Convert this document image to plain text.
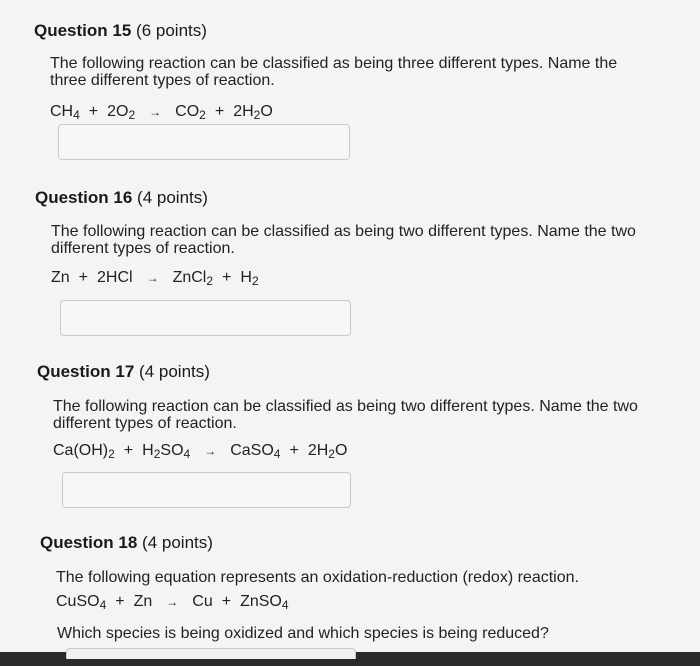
Question 15 (6 points)
The following reaction can be classified as being three different types. Name the
three different types of reaction.
$CH_4 + 2O_2 \to CO_2 + 2H_2O$
Question 16 (4 points)
The following reaction can be classified as being two different types. Name the two
different types of reaction.
Zn + 2HCl → ZnCl$_2$ + $H_2$
Question 17 (4 points)
The following reaction can be classified as being two different types. Name the two
different types of reaction.
$Ca(OH)_2 + H_2SO_4$ → CaSO$_4$ + $2H_2O$
Question 18 (4 points)
The following equation represents an oxidation-reduction (redox) reaction.
CuSO$_4$ + Zn → Cu + ZnSO$_4$
Which species is being oxidized and which species is being reduced?
